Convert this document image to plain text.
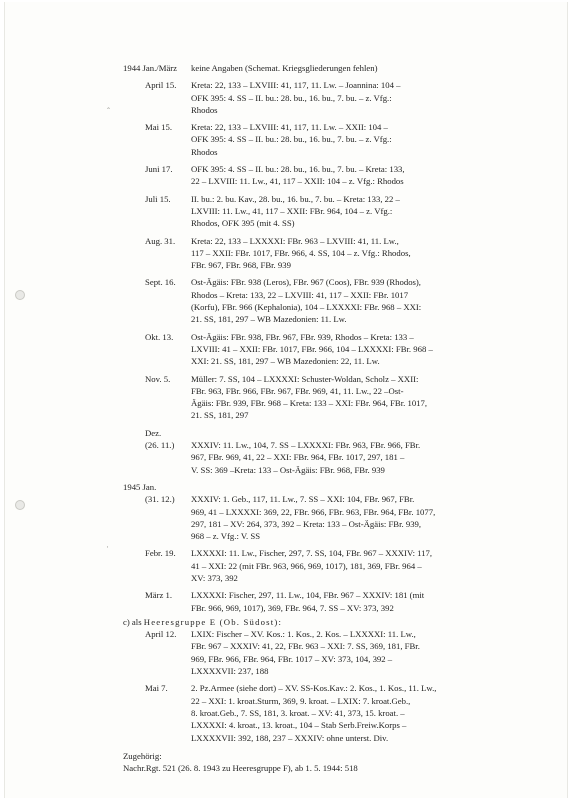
ˆ
·
1944 Jan./März	keine Angaben (Schemat. Kriegsgliederungen fehlen)
April 15.	Kreta: 22, 133 – LXVIII: 41, 117, 11. Lw. – Joannina: 104 –
OFK 395: 4. SS – II. bu.: 28. bu., 16. bu., 7. bu. – z. Vfg.:
Rhodos
Mai 15.	Kreta: 22, 133 – LXVIII: 41, 117, 11. Lw. – XXII: 104 –
OFK 395: 4. SS – II. bu.: 28. bu., 16. bu., 7. bu. – z. Vfg.:
Rhodos
Juni 17.	OFK 395: 4. SS – II. bu.: 28. bu., 16. bu., 7. bu. – Kreta: 133,
22 – LXVIII: 11. Lw., 41, 117 – XXII: 104 – z. Vfg.: Rhodos
Juli 15.	II. bu.: 2. bu. Kav., 28. bu., 16. bu., 7. bu. – Kreta: 133, 22 –
LXVIII: 11. Lw., 41, 117 – XXII: FBr. 964, 104 – z. Vfg.:
Rhodos, OFK 395 (mit 4. SS)
Aug. 31.	Kreta: 22, 133 – LXXXXI: FBr. 963 – LXVIII: 41, 11. Lw.,
117 – XXII: FBr. 1017, FBr. 966, 4. SS, 104 – z. Vfg.: Rhodos,
FBr. 967, FBr. 968, FBr. 939
Sept. 16.	Ost-Ägäis: FBr. 938 (Leros), FBr. 967 (Coos), FBr. 939 (Rhodos),
Rhodos – Kreta: 133, 22 – LXVIII: 41, 117 – XXII: FBr. 1017
(Korfu), FBr. 966 (Kephalonia), 104 – LXXXXI: FBr. 968 – XXI:
21. SS, 181, 297 – WB Mazedonien: 11. Lw.
Okt. 13.	Ost-Ägäis: FBr. 938, FBr. 967, FBr. 939, Rhodos – Kreta: 133 –
LXVIII: 41 – XXII: FBr. 1017, FBr. 966, 104 – LXXXXI: FBr. 968 –
XXI: 21. SS, 181, 297 – WB Mazedonien: 22, 11. Lw.
Nov. 5.	Müller: 7. SS, 104 – LXXXXI: Schuster-Woldan, Scholz – XXII:
FBr. 963, FBr. 966, FBr. 967, FBr. 969, 41, 11. Lw., 22 –Ost-
Ägäis: FBr. 939, FBr. 968 – Kreta: 133 – XXI: FBr. 964, FBr. 1017,
21. SS, 181, 297
Dez.

(26. 11.)	XXXIV: 11. Lw., 104, 7. SS – LXXXXI: FBr. 963, FBr. 966, FBr.
967, FBr. 969, 41, 22 – XXI: FBr. 964, FBr. 1017, 297, 181 –
V. SS: 369 –Kreta: 133 – Ost-Ägäis: FBr. 968, FBr. 939
1945 Jan.

(31. 12.)	XXXIV: 1. Geb., 117, 11. Lw., 7. SS – XXI: 104, FBr. 967, FBr.
969, 41 – LXXXXI: 369, 22, FBr. 966, FBr. 963, FBr. 964, FBr. 1077,
297, 181 – XV: 264, 373, 392 – Kreta: 133 – Ost-Ägäis: FBr. 939,
968 – z. Vfg.: V. SS
Febr. 19.	LXXXXI: 11. Lw., Fischer, 297, 7. SS, 104, FBr. 967 – XXXIV: 117,
41 – XXI: 22 (mit FBr. 963, 966, 969, 1017), 181, 369, FBr. 964 –
XV: 373, 392
März 1.	LXXXXI: Fischer, 297, 11. Lw., 104, FBr. 967 – XXXIV: 181 (mit
FBr. 966, 969, 1017), 369, FBr. 964, 7. SS – XV: 373, 392
c) als Heeresgruppe E (Ob. Südost):
April 12.	LXIX: Fischer – XV. Kos.: 1. Kos., 2. Kos. – LXXXXI: 11. Lw.,
FBr. 967 – XXXIV: 41, 22, FBr. 963 – XXI: 7. SS, 369, 181, FBr.
969, FBr. 966, FBr. 964, FBr. 1017 – XV: 373, 104, 392 –
LXXXXVII: 237, 188
Mai 7.	2. Pz.Armee (siehe dort) – XV. SS-Kos.Kav.: 2. Kos., 1. Kos., 11. Lw.,
22 – XXI: 1. kroat.Sturm, 369, 9. kroat. – LXIX: 7. kroat.Geb.,
8. kroat.Geb., 7. SS, 181, 3. kroat. – XV: 41, 373, 15. kroat. –
LXXXXI: 4. kroat., 13. kroat., 104 – Stab Serb.Freiw.Korps –
LXXXXVII: 392, 188, 237 – XXXIV: ohne unterst. Div.
Zugehörig:
Nachr.Rgt. 521 (26. 8. 1943 zu Heeresgruppe F), ab 1. 5. 1944: 518
